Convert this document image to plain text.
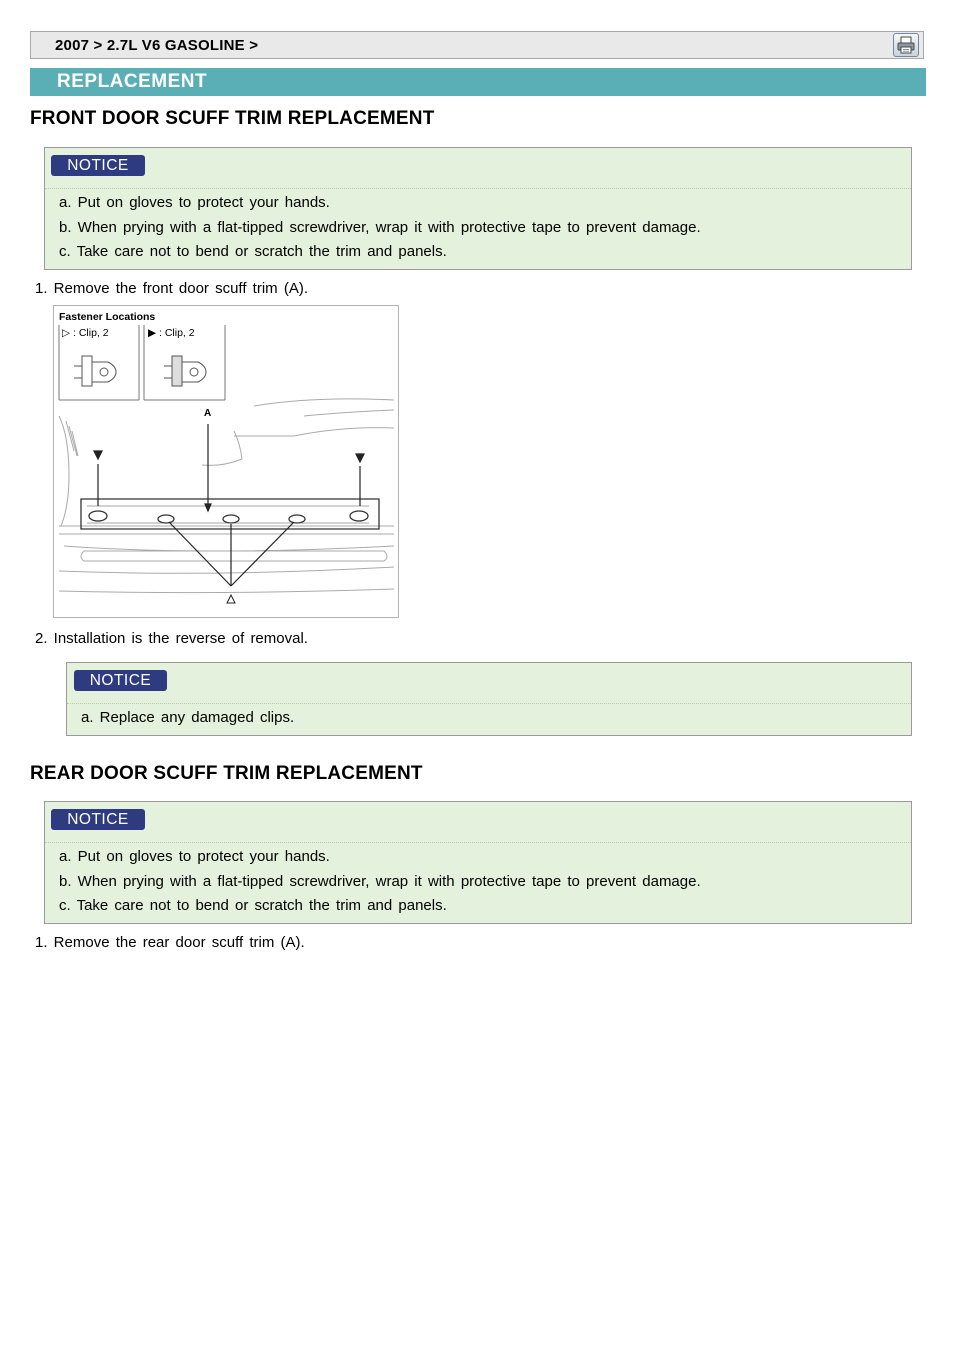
2007 > 2.7L V6 GASOLINE >
REPLACEMENT
FRONT DOOR SCUFF TRIM REPLACEMENT
NOTICE
a. Put on gloves to protect your hands.
b. When prying with a flat-tipped screwdriver, wrap it with protective tape to prevent damage.
c. Take care not to bend or scratch the trim and panels.
1. Remove the front door scuff trim (A).
Fastener Locations
▷ : Clip, 2	▶ : Clip, 2
A
2. Installation is the reverse of removal.
NOTICE
a. Replace any damaged clips.
REAR DOOR SCUFF TRIM REPLACEMENT
NOTICE
a. Put on gloves to protect your hands.
b. When prying with a flat-tipped screwdriver, wrap it with protective tape to prevent damage.
c. Take care not to bend or scratch the trim and panels.
1. Remove the rear door scuff trim (A).
